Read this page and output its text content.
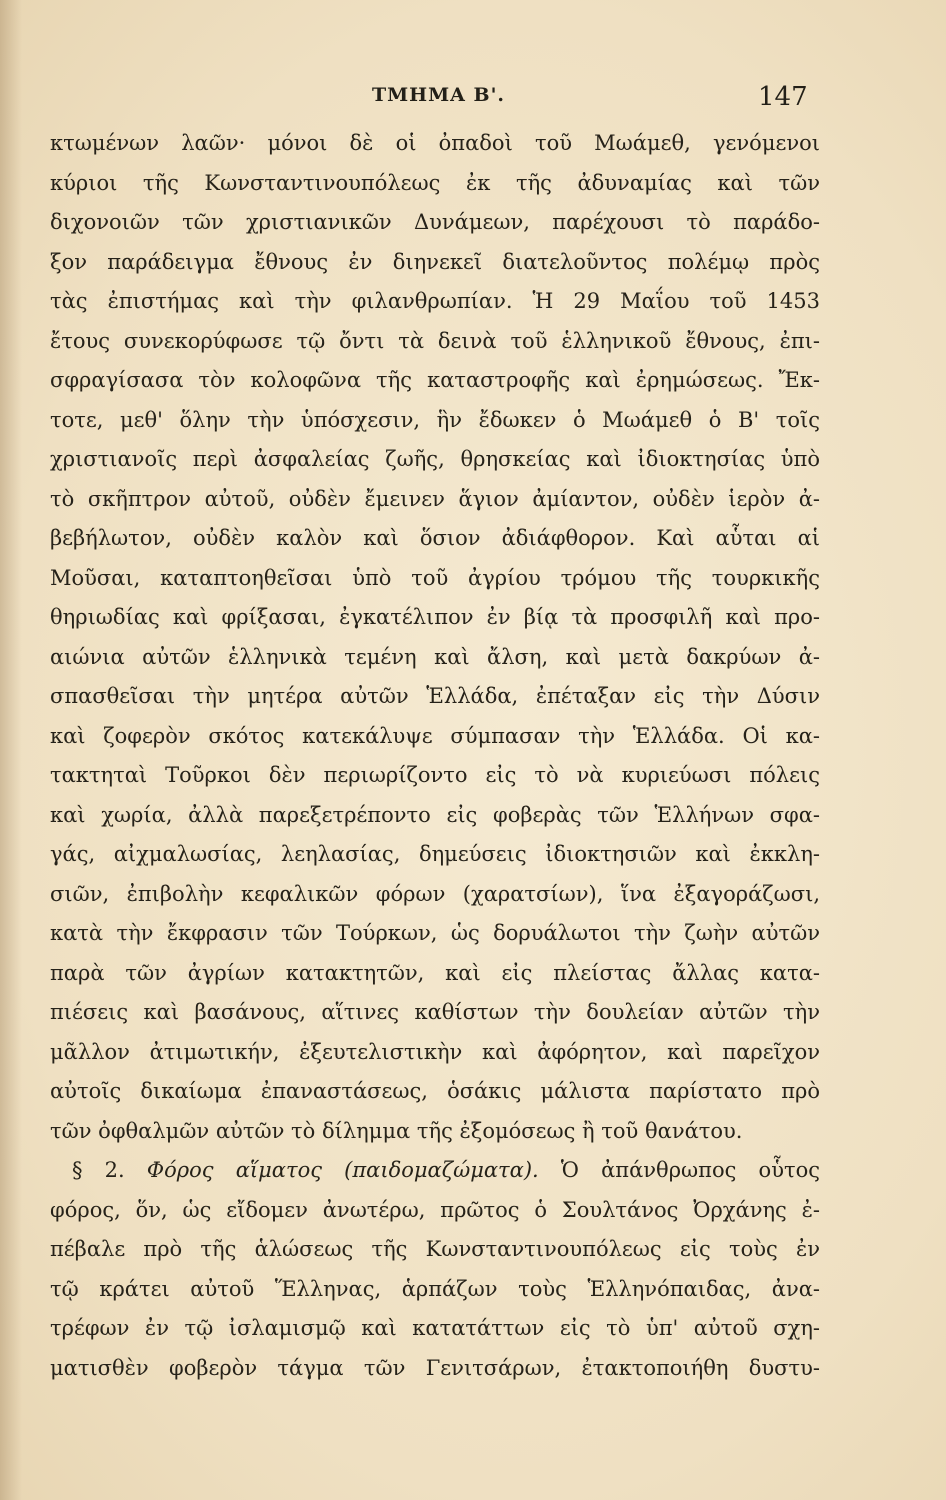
ΤΜΗΜΑ Β'.	147
κτωμένων λαῶν· μόνοι δὲ οἱ ὀπαδοὶ τοῦ Μωάμεθ, γενόμενοι
κύριοι τῆς Κωνσταντινουπόλεως ἐκ τῆς ἀδυναμίας καὶ τῶν
διχονοιῶν τῶν χριστιανικῶν Δυνάμεων, παρέχουσι τὸ παράδο-
ξον παράδειγμα ἔθνους ἐν διηνεκεῖ διατελοῦντος πολέμῳ πρὸς
τὰς ἐπιστήμας καὶ τὴν φιλανθρωπίαν. Ἡ 29 Μαΐου τοῦ 1453
ἔτους συνεκορύφωσε τῷ ὄντι τὰ δεινὰ τοῦ ἑλληνικοῦ ἔθνους, ἐπι-
σφραγίσασα τὸν κολοφῶνα τῆς καταστροφῆς καὶ ἐρημώσεως. Ἔκ-
τοτε, μεθ' ὅλην τὴν ὑπόσχεσιν, ἣν ἔδωκεν ὁ Μωάμεθ ὁ Β' τοῖς
χριστιανοῖς περὶ ἀσφαλείας ζωῆς, θρησκείας καὶ ἰδιοκτησίας ὑπὸ
τὸ σκῆπτρον αὐτοῦ, οὐδὲν ἔμεινεν ἅγιον ἀμίαντον, οὐδὲν ἱερὸν ἀ-
βεβήλωτον, οὐδὲν καλὸν καὶ ὅσιον ἀδιάφθορον. Καὶ αὗται αἱ
Μοῦσαι, καταπτοηθεῖσαι ὑπὸ τοῦ ἀγρίου τρόμου τῆς τουρκικῆς
θηριωδίας καὶ φρίξασαι, ἐγκατέλιπον ἐν βίᾳ τὰ προσφιλῆ καὶ προ-
αιώνια αὐτῶν ἑλληνικὰ τεμένη καὶ ἄλση, καὶ μετὰ δακρύων ἀ-
σπασθεῖσαι τὴν μητέρα αὐτῶν Ἑλλάδα, ἐπέταξαν εἰς τὴν Δύσιν
καὶ ζοφερὸν σκότος κατεκάλυψε σύμπασαν τὴν Ἑλλάδα. Οἱ κα-
τακτηταὶ Τοῦρκοι δὲν περιωρίζοντο εἰς τὸ νὰ κυριεύωσι πόλεις
καὶ χωρία, ἀλλὰ παρεξετρέποντο εἰς φοβερὰς τῶν Ἑλλήνων σφα-
γάς, αἰχμαλωσίας, λεηλασίας, δημεύσεις ἰδιοκτησιῶν καὶ ἐκκλη-
σιῶν, ἐπιβολὴν κεφαλικῶν φόρων (χαρατσίων), ἵνα ἐξαγοράζωσι,
κατὰ τὴν ἔκφρασιν τῶν Τούρκων, ὡς δορυάλωτοι τὴν ζωὴν αὐτῶν
παρὰ τῶν ἀγρίων κατακτητῶν, καὶ εἰς πλείστας ἄλλας κατα-
πιέσεις καὶ βασάνους, αἵτινες καθίστων τὴν δουλείαν αὐτῶν τὴν
μᾶλλον ἀτιμωτικήν, ἐξευτελιστικὴν καὶ ἀφόρητον, καὶ παρεῖχον
αὐτοῖς δικαίωμα ἐπαναστάσεως, ὁσάκις μάλιστα παρίστατο πρὸ
τῶν ὀφθαλμῶν αὐτῶν τὸ δίλημμα τῆς ἐξομόσεως ἢ τοῦ θανάτου.
§ 2. Φόρος αἵματος (παιδομαζώματα). Ὁ ἀπάνθρωπος οὗτος
φόρος, ὅν, ὡς εἴδομεν ἀνωτέρω, πρῶτος ὁ Σουλτάνος Ὀρχάνης ἐ-
πέβαλε πρὸ τῆς ἁλώσεως τῆς Κωνσταντινουπόλεως εἰς τοὺς ἐν
τῷ κράτει αὐτοῦ Ἕλληνας, ἁρπάζων τοὺς Ἑλληνόπαιδας, ἀνα-
τρέφων ἐν τῷ ἰσλαμισμῷ καὶ κατατάττων εἰς τὸ ὑπ' αὐτοῦ σχη-
ματισθὲν φοβερὸν τάγμα τῶν Γενιτσάρων, ἐτακτοποιήθη δυστυ-
